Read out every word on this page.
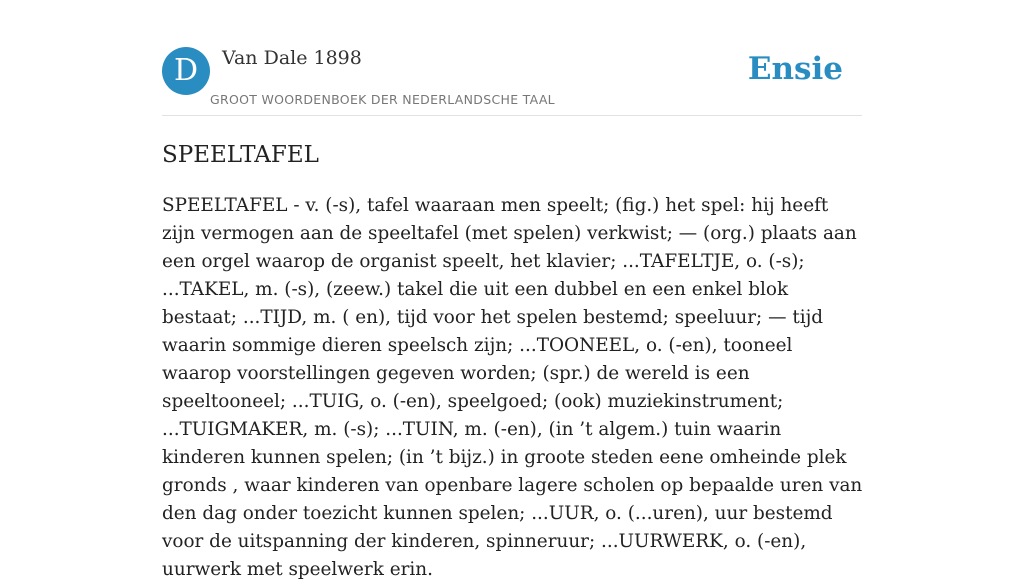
D	Van Dale 1898
GROOT WOORDENBOEK DER NEDERLANDSCHE TAAL
Ensie
SPEELTAFEL

SPEELTAFEL - v. (-s), tafel waaraan men speelt; (fig.) het spel: hij heeft zijn vermogen aan de speeltafel (met spelen) verkwist; — (org.) plaats aan een orgel waarop de organist speelt, het klavier; ...TAFELTJE, o. (-s); ...TAKEL, m. (-s), (zeew.) takel die uit een dubbel en een enkel blok bestaat; ...TIJD, m. ( en), tijd voor het spelen bestemd; speeluur; — tijd waarin sommige dieren speelsch zijn; ...TOONEEL, o. (-en), tooneel waarop voorstellingen gegeven worden; (spr.) de wereld is een speeltooneel; ...TUIG, o. (-en), speelgoed; (ook) muziekinstrument; ...TUIGMAKER, m. (-s); ...TUIN, m. (-en), (in ’t algem.) tuin waarin kinderen kunnen spelen; (in ’t bijz.) in groote steden eene omheinde plek gronds , waar kinderen van openbare lagere scholen op bepaalde uren van den dag onder toezicht kunnen spelen; ...UUR, o. (...uren), uur bestemd voor de uitspanning der kinderen, spinneruur; ...UURWERK, o. (-en), uurwerk met speelwerk erin.
